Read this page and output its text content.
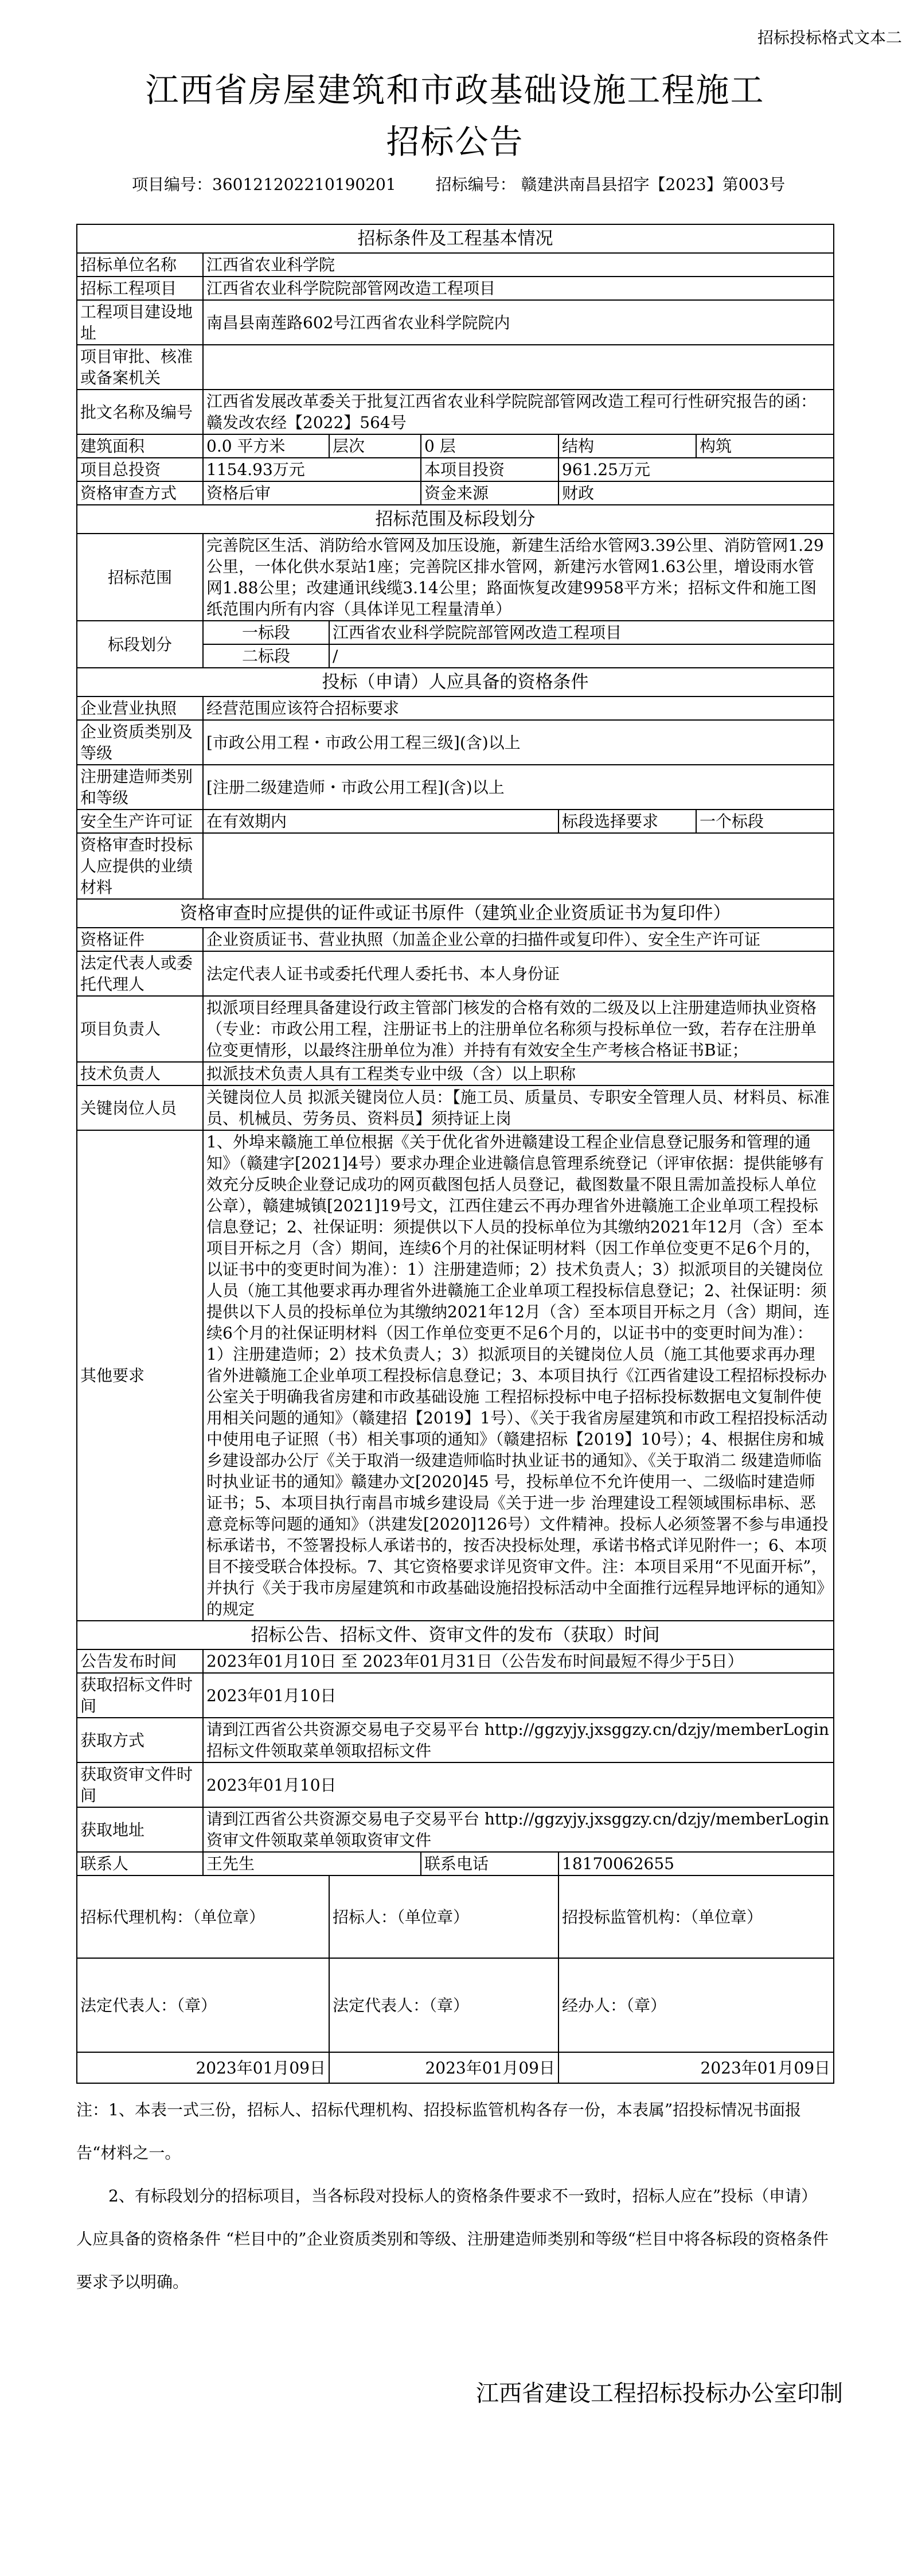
招标投标格式文本二
江西省房屋建筑和市政基础设施工程施工
招标公告
项目编号：360121202210190201 招标编号： 赣建洪南昌县招字【2023】第003号
招标条件及工程基本情况					
招标单位名称	江西省农业科学院				
招标工程项目	江西省农业科学院院部管网改造工程项目				
工程项目建设地址	南昌县南莲路602号江西省农业科学院院内				
项目审批、核准或备案机关					
批文名称及编号	江西省发展改革委关于批复江西省农业科学院院部管网改造工程可行性研究报告的函： 赣发改农经【2022】564号				
建筑面积	0.0 平方米	层次	0 层	结构	构筑
项目总投资	1154.93万元		本项目投资	961.25万元	
资格审查方式	资格后审		资金来源	财政	
招标范围及标段划分					
招标范围	完善院区生活、消防给水管网及加压设施，新建生活给水管网3.39公里、消防管网1.29公里，一体化供水泵站1座；完善院区排水管网，新建污水管网1.63公里，增设雨水管网1.88公里；改建通讯线缆3.14公里；路面恢复改建9958平方米；招标文件和施工图纸范围内所有内容（具体详见工程量清单）				
标段划分	一标段	江西省农业科学院院部管网改造工程项目			
	二标段	/			
投标（申请）人应具备的资格条件					
企业营业执照	经营范围应该符合招标要求				
企业资质类别及等级	[市政公用工程・市政公用工程三级](含)以上				
注册建造师类别和等级	[注册二级建造师・市政公用工程](含)以上				
安全生产许可证	在有效期内			标段选择要求	一个标段
资格审查时投标人应提供的业绩材料					
资格审查时应提供的证件或证书原件（建筑业企业资质证书为复印件）					
资格证件	企业资质证书、营业执照（加盖企业公章的扫描件或复印件）、安全生产许可证				
法定代表人或委托代理人	法定代表人证书或委托代理人委托书、本人身份证				
项目负责人	拟派项目经理具备建设行政主管部门核发的合格有效的二级及以上注册建造师执业资格（专业：市政公用工程，注册证书上的注册单位名称须与投标单位一致，若存在注册单位变更情形，以最终注册单位为准）并持有有效安全生产考核合格证书B证；				
技术负责人	拟派技术负责人具有工程类专业中级（含）以上职称				
关键岗位人员	关键岗位人员 拟派关键岗位人员：【施工员、质量员、专职安全管理人员、材料员、标准员、机械员、劳务员、资料员】须持证上岗				
其他要求	1、外埠来赣施工单位根据《关于优化省外进赣建设工程企业信息登记服务和管理的通知》（赣建字[2021]4号）要求办理企业进赣信息管理系统登记（评审依据：提供能够有效充分反映企业登记成功的网页截图包括人员登记，截图数量不限且需加盖投标人单位公章），赣建城镇[2021]19号文，江西住建云不再办理省外进赣施工企业单项工程投标信息登记；2、社保证明：须提供以下人员的投标单位为其缴纳2021年12月（含）至本项目开标之月（含）期间，连续6个月的社保证明材料（因工作单位变更不足6个月的，以证书中的变更时间为准）：1）注册建造师；2）技术负责人；3）拟派项目的关键岗位人员（施工其他要求再办理省外进赣施工企业单项工程投标信息登记；2、社保证明：须提供以下人员的投标单位为其缴纳2021年12月（含）至本项目开标之月（含）期间，连续6个月的社保证明材料（因工作单位变更不足6个月的，以证书中的变更时间为准）：1）注册建造师；2）技术负责人；3）拟派项目的关键岗位人员（施工其他要求再办理省外进赣施工企业单项工程投标信息登记；3、本项目执行《江西省建设工程招标投标办公室关于明确我省房建和市政基础设施 工程招标投标中电子招标投标数据电文复制件使用相关问题的通知》（赣建招【2019】1号）、《关于我省房屋建筑和市政工程招投标活动中使用电子证照（书）相关事项的通知》（赣建招标【2019】10号）；4、根据住房和城 乡建设部办公厅《关于取消一级建造师临时执业证书的通知》、《关于取消二 级建造师临时执业证书的通知》赣建办文[2020]45 号，投标单位不允许使用一、二级临时建造师证书；5、本项目执行南昌市城乡建设局《关于进一步 治理建设工程领域围标串标、恶意竞标等问题的通知》（洪建发[2020]126号）文件精神。投标人必须签署不参与串通投标承诺书，不签署投标人承诺书的，按否决投标处理，承诺书格式详见附件一；6、本项目不接受联合体投标。7、其它资格要求详见资审文件。注：本项目采用“不见面开标”，并执行《关于我市房屋建筑和市政基础设施招投标活动中全面推行远程异地评标的通知》的规定				
招标公告、招标文件、资审文件的发布（获取）时间					
公告发布时间	2023年01月10日 至 2023年01月31日（公告发布时间最短不得少于5日）				
获取招标文件时间	2023年01月10日				
获取方式	请到江西省公共资源交易电子交易平台 http://ggzyjy.jxsggzy.cn/dzjy/memberLogin招标文件领取菜单领取招标文件				
获取资审文件时间	2023年01月10日				
获取地址	请到江西省公共资源交易电子交易平台 http://ggzyjy.jxsggzy.cn/dzjy/memberLogin资审文件领取菜单领取资审文件				
联系人	王先生		联系电话	18170062655	
招标代理机构：（单位章）		招标人：（单位章）		招投标监管机构：（单位章）	
法定代表人：（章）		法定代表人：（章）		经办人：（章）	
2023年01月09日		2023年01月09日		2023年01月09日	

注：1、本表一式三份，招标人、招标代理机构、招投标监管机构各存一份，本表属”招投标情况书面报告“材料之一。

　　2、有标段划分的招标项目，当各标段对投标人的资格条件要求不一致时，招标人应在”投标（申请）人应具备的资格条件 “栏目中的”企业资质类别和等级、注册建造师类别和等级“栏目中将各标段的资格条件要求予以明确。

江西省建设工程招标投标办公室印制
